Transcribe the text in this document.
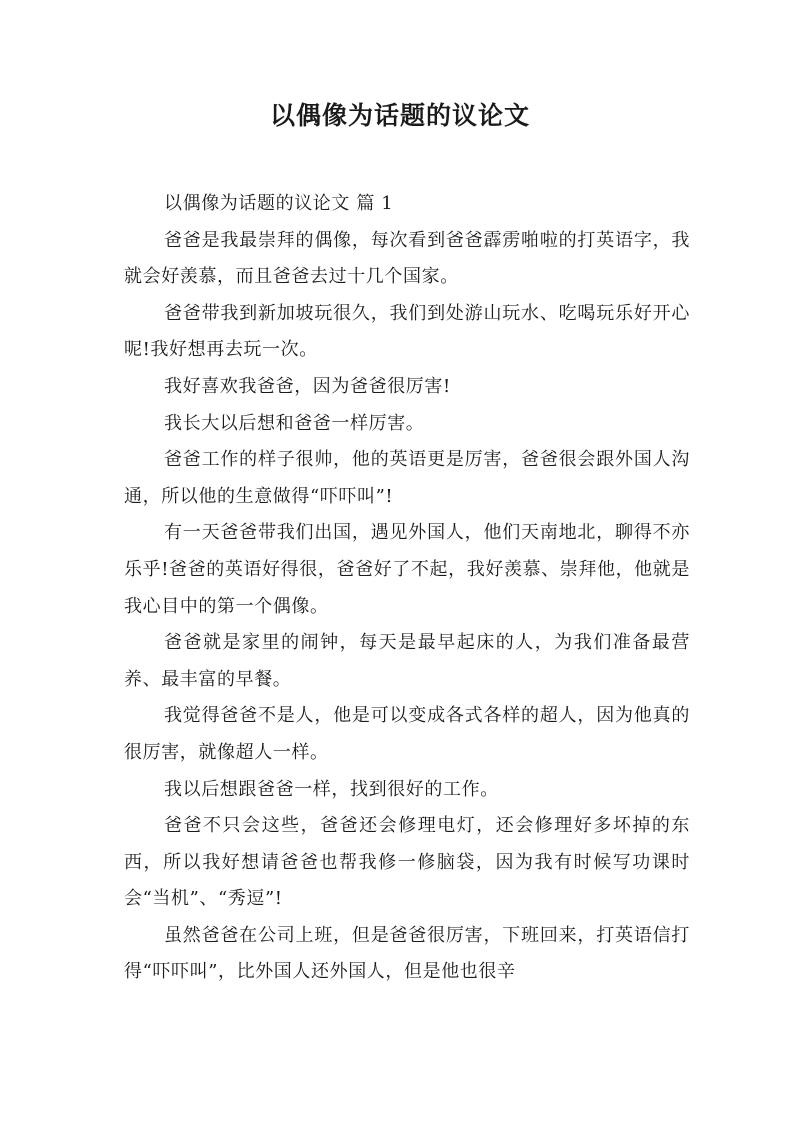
以偶像为话题的议论文

以偶像为话题的议论文 篇 1

爸爸是我最崇拜的偶像，每次看到爸爸霹雳啪啦的打英语字，我就会好羡慕，而且爸爸去过十几个国家。

爸爸带我到新加坡玩很久，我们到处游山玩水、吃喝玩乐好开心呢!我好想再去玩一次。

我好喜欢我爸爸，因为爸爸很厉害!

我长大以后想和爸爸一样厉害。

爸爸工作的样子很帅，他的英语更是厉害，爸爸很会跟外国人沟通，所以他的生意做得“吓吓叫”!

有一天爸爸带我们出国，遇见外国人，他们天南地北，聊得不亦乐乎!爸爸的英语好得很，爸爸好了不起，我好羡慕、崇拜他，他就是我心目中的第一个偶像。

爸爸就是家里的闹钟，每天是最早起床的人，为我们准备最营养、最丰富的早餐。

我觉得爸爸不是人，他是可以变成各式各样的超人，因为他真的很厉害，就像超人一样。

我以后想跟爸爸一样，找到很好的工作。

爸爸不只会这些，爸爸还会修理电灯，还会修理好多坏掉的东西，所以我好想请爸爸也帮我修一修脑袋，因为我有时候写功课时会“当机”、“秀逗”!

虽然爸爸在公司上班，但是爸爸很厉害，下班回来，打英语信打得“吓吓叫”，比外国人还外国人，但是他也很辛
